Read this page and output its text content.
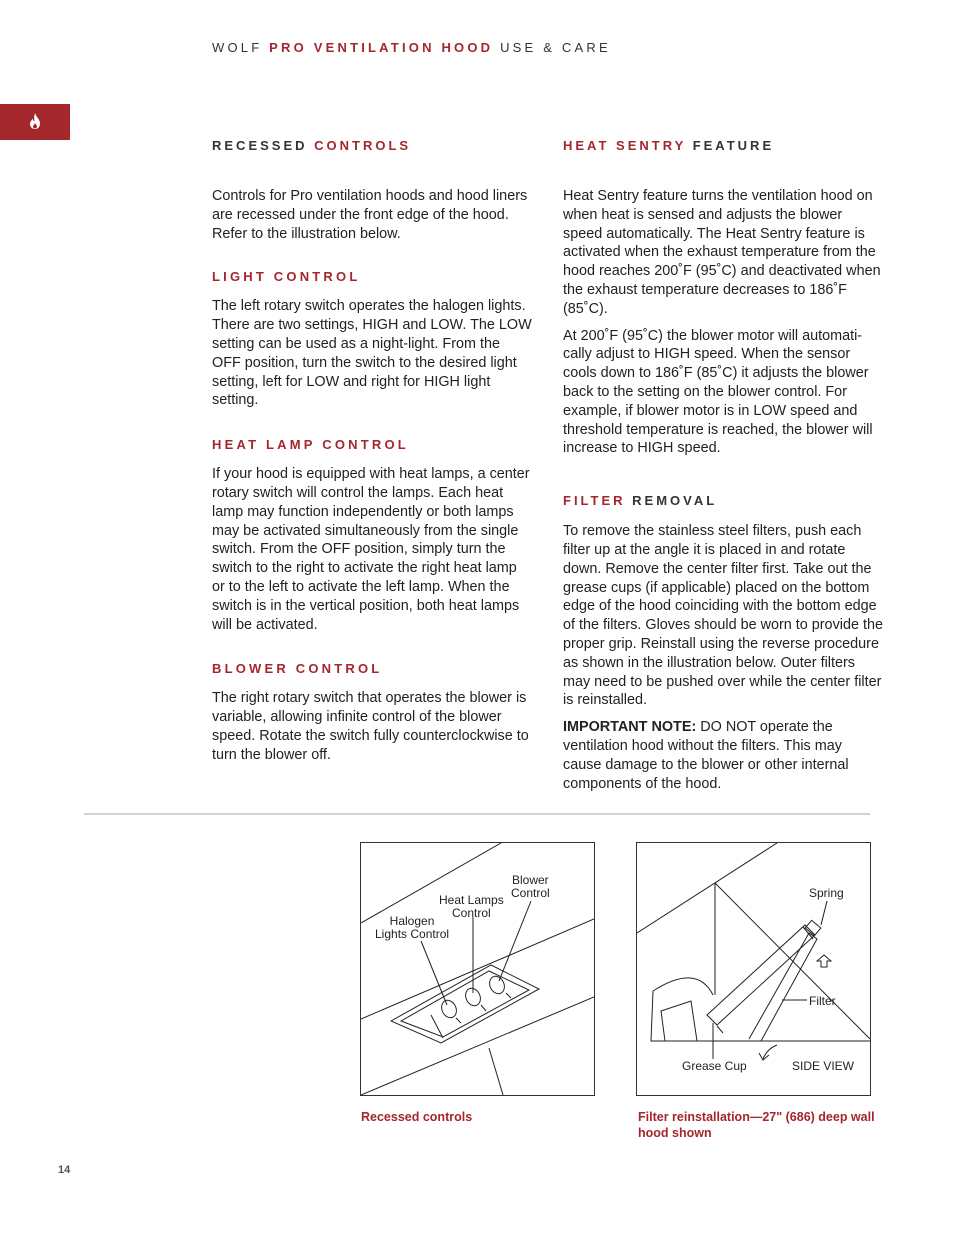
WOLF PRO VENTILATION HOOD USE & CARE
RECESSED CONTROLS

Controls for Pro ventilation hoods and hood liners are recessed under the front edge of the hood. Refer to the illustration below.

LIGHT CONTROL

The left rotary switch operates the halogen lights. There are two settings, HIGH and LOW. The LOW setting can be used as a night-light. From the OFF position, turn the switch to the desired light setting, left for LOW and right for HIGH light setting.

HEAT LAMP CONTROL

If your hood is equipped with heat lamps, a center rotary switch will control the lamps. Each heat lamp may function independently or both lamps may be activated simultaneously from the single switch. From the OFF position, simply turn the switch to the right to activate the right heat lamp or to the left to activate the left lamp. When the switch is in the vertical position, both heat lamps will be activated.

BLOWER CONTROL

The right rotary switch that operates the blower is variable, allowing infinite control of the blower speed. Rotate the switch fully counterclockwise to turn the blower off.

HEAT SENTRY FEATURE

Heat Sentry feature turns the ventilation hood on when heat is sensed and adjusts the blower speed automatically. The Heat Sentry feature is activated when the exhaust temperature from the hood reaches 200˚F (95˚C) and deactivated when the exhaust temperature decreases to 186˚F (85˚C).

At 200˚F (95˚C) the blower motor will automati-cally adjust to HIGH speed. When the sensor cools down to 186˚F (85˚C) it adjusts the blower back to the setting on the blower control. For example, if blower motor is in LOW speed and threshold temperature is reached, the blower will increase to HIGH speed.

FILTER REMOVAL

To remove the stainless steel filters, push each filter up at the angle it is placed in and rotate down. Remove the center filter first. Take out the grease cups (if applicable) placed on the bottom edge of the hood coinciding with the bottom edge of the filters. Gloves should be worn to provide the proper grip. Reinstall using the reverse procedure as shown in the illustration below. Outer filters may need to be pushed over while the center filter is reinstalled.

IMPORTANT NOTE: DO NOT operate the ventilation hood without the filters. This may cause damage to the blower or other internal components of the hood.

Blower
Control
Heat Lamps
Control
Halogen
Lights Control
Spring
Filter
Grease Cup	SIDE VIEW
Recessed controls	Filter reinstallation—27" (686) deep wall hood shown
14
